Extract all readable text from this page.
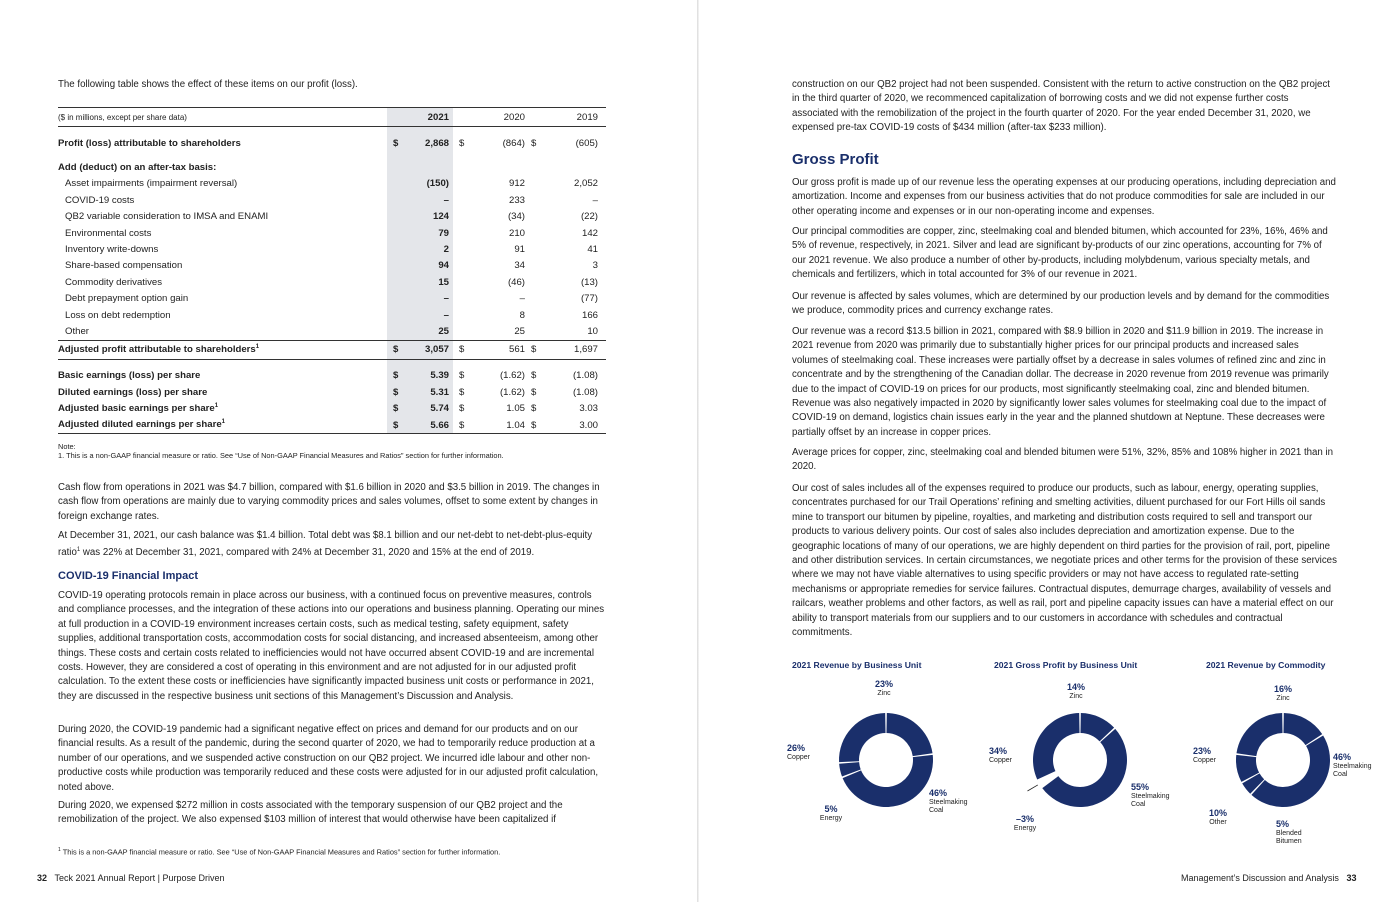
The following table shows the effect of these items on our profit (loss).

($ in millions, except per share data)		2021		2020		2019

Profit (loss) attributable to shareholders	$	2,868	$	(864)	$	(605)

Add (deduct) on an after-tax basis:						
Asset impairments (impairment reversal)		(150)		912		2,052
COVID-19 costs		–		233		–
QB2 variable consideration to IMSA and ENAMI		124		(34)		(22)
Environmental costs		79		210		142
Inventory write-downs		2		91		41
Share-based compensation		94		34		3
Commodity derivatives		15		(46)		(13)
Debt prepayment option gain		–		–		(77)
Loss on debt redemption		–		8		166
Other		25		25		10
Adjusted profit attributable to shareholders$^1$	$	3,057	$	561	$	1,697

Basic earnings (loss) per share	$	5.39	$	(1.62)	$	(1.08)
Diluted earnings (loss) per share	$	5.31	$	(1.62)	$	(1.08)
Adjusted basic earnings per share$^1$	$	5.74	$	1.05	$	3.03
Adjusted diluted earnings per share$^1$	$	5.66	$	1.04	$	3.00
Note:
1. This is a non-GAAP financial measure or ratio. See “Use of Non-GAAP Financial Measures and Ratios” section for further information.

Cash flow from operations in 2021 was $4.7 billion, compared with $1.6 billion in 2020 and $3.5 billion in 2019. The changes in cash flow from operations are mainly due to varying commodity prices and sales volumes, offset to some extent by changes in foreign exchange rates.

At December 31, 2021, our cash balance was $1.4 billion. Total debt was $8.1 billion and our net-debt to net-debt-plus-equity ratio$^1$ was 22% at December 31, 2021, compared with 24% at December 31, 2020 and 15% at the end of 2019.

COVID-19 Financial Impact

COVID-19 operating protocols remain in place across our business, with a continued focus on preventive measures, controls and compliance processes, and the integration of these actions into our operations and business planning. Operating our mines at full production in a COVID-19 environment increases certain costs, such as medical testing, safety equipment, safety supplies, additional transportation costs, accommodation costs for social distancing, and increased absenteeism, among other things. These costs and certain costs related to inefficiencies would not have occurred absent COVID-19 and are incremental costs. However, they are considered a cost of operating in this environment and are not adjusted for in our adjusted profit calculation. To the extent these costs or inefficiencies have significantly impacted business unit costs or performance in 2021, they are discussed in the respective business unit sections of this Management’s Discussion and Analysis.

During 2020, the COVID-19 pandemic had a significant negative effect on prices and demand for our products and on our financial results. As a result of the pandemic, during the second quarter of 2020, we had to temporarily reduce production at a number of our operations, and we suspended active construction on our QB2 project. We incurred idle labour and other non-productive costs while production was temporarily reduced and these costs were adjusted for in our adjusted profit calculation, noted above.

During 2020, we expensed $272 million in costs associated with the temporary suspension of our QB2 project and the remobilization of the project. We also expensed $103 million of interest that would otherwise have been capitalized if

$^1$ This is a non-GAAP financial measure or ratio. See “Use of Non-GAAP Financial Measures and Ratios” section for further information.
32 Teck 2021 Annual Report | Purpose Driven

construction on our QB2 project had not been suspended. Consistent with the return to active construction on the QB2 project in the third quarter of 2020, we recommenced capitalization of borrowing costs and we did not expense further costs associated with the remobilization of the project in the fourth quarter of 2020. For the year ended December 31, 2020, we expensed pre-tax COVID-19 costs of $434 million (after-tax $233 million).

Gross Profit

Our gross profit is made up of our revenue less the operating expenses at our producing operations, including depreciation and amortization. Income and expenses from our business activities that do not produce commodities for sale are included in our other operating income and expenses or in our non-operating income and expenses.

Our principal commodities are copper, zinc, steelmaking coal and blended bitumen, which accounted for 23%, 16%, 46% and 5% of revenue, respectively, in 2021. Silver and lead are significant by-products of our zinc operations, accounting for 7% of our 2021 revenue. We also produce a number of other by-products, including molybdenum, various specialty metals, and chemicals and fertilizers, which in total accounted for 3% of our revenue in 2021.

Our revenue is affected by sales volumes, which are determined by our production levels and by demand for the commodities we produce, commodity prices and currency exchange rates.

Our revenue was a record $13.5 billion in 2021, compared with $8.9 billion in 2020 and $11.9 billion in 2019. The increase in 2021 revenue from 2020 was primarily due to substantially higher prices for our principal products and increased sales volumes of steelmaking coal. These increases were partially offset by a decrease in sales volumes of refined zinc and zinc in concentrate and by the strengthening of the Canadian dollar. The decrease in 2020 revenue from 2019 revenue was primarily due to the impact of COVID-19 on prices for our products, most significantly steelmaking coal, zinc and blended bitumen. Revenue was also negatively impacted in 2020 by significantly lower sales volumes for steelmaking coal due to the impact of COVID-19 on demand, logistics chain issues early in the year and the planned shutdown at Neptune. These decreases were partially offset by an increase in copper prices.

Average prices for copper, zinc, steelmaking coal and blended bitumen were 51%, 32%, 85% and 108% higher in 2021 than in 2020.

Our cost of sales includes all of the expenses required to produce our products, such as labour, energy, operating supplies, concentrates purchased for our Trail Operations’ refining and smelting activities, diluent purchased for our Fort Hills oil sands mine to transport our bitumen by pipeline, royalties, and marketing and distribution costs required to sell and transport our products to various delivery points. Our cost of sales also includes depreciation and amortization expense. Due to the geographic locations of many of our operations, we are highly dependent on third parties for the provision of rail, port, pipeline and other distribution services. In certain circumstances, we negotiate prices and other terms for the provision of these services where we may not have viable alternatives to using specific providers or may not have access to regulated rate-setting mechanisms or appropriate remedies for service failures. Contractual disputes, demurrage charges, availability of vessels and railcars, weather problems and other factors, as well as rail, port and pipeline capacity issues can have a material effect on our ability to transport materials from our suppliers and to our customers in accordance with schedules and contractual commitments.

2021 Revenue by Business Unit	2021 Gross Profit by Business Unit	2021 Revenue by Commodity
23%
Zinc
46%
Steelmaking
Coal
5%
Energy
26%
Copper
14%
Zinc
55%
Steelmaking
Coal
–3%
Energy
34%
Copper
16%
Zinc
46%
Steelmaking
Coal
5%
Blended
Bitumen
10%
Other
23%
Copper
Management’s Discussion and Analysis 33
